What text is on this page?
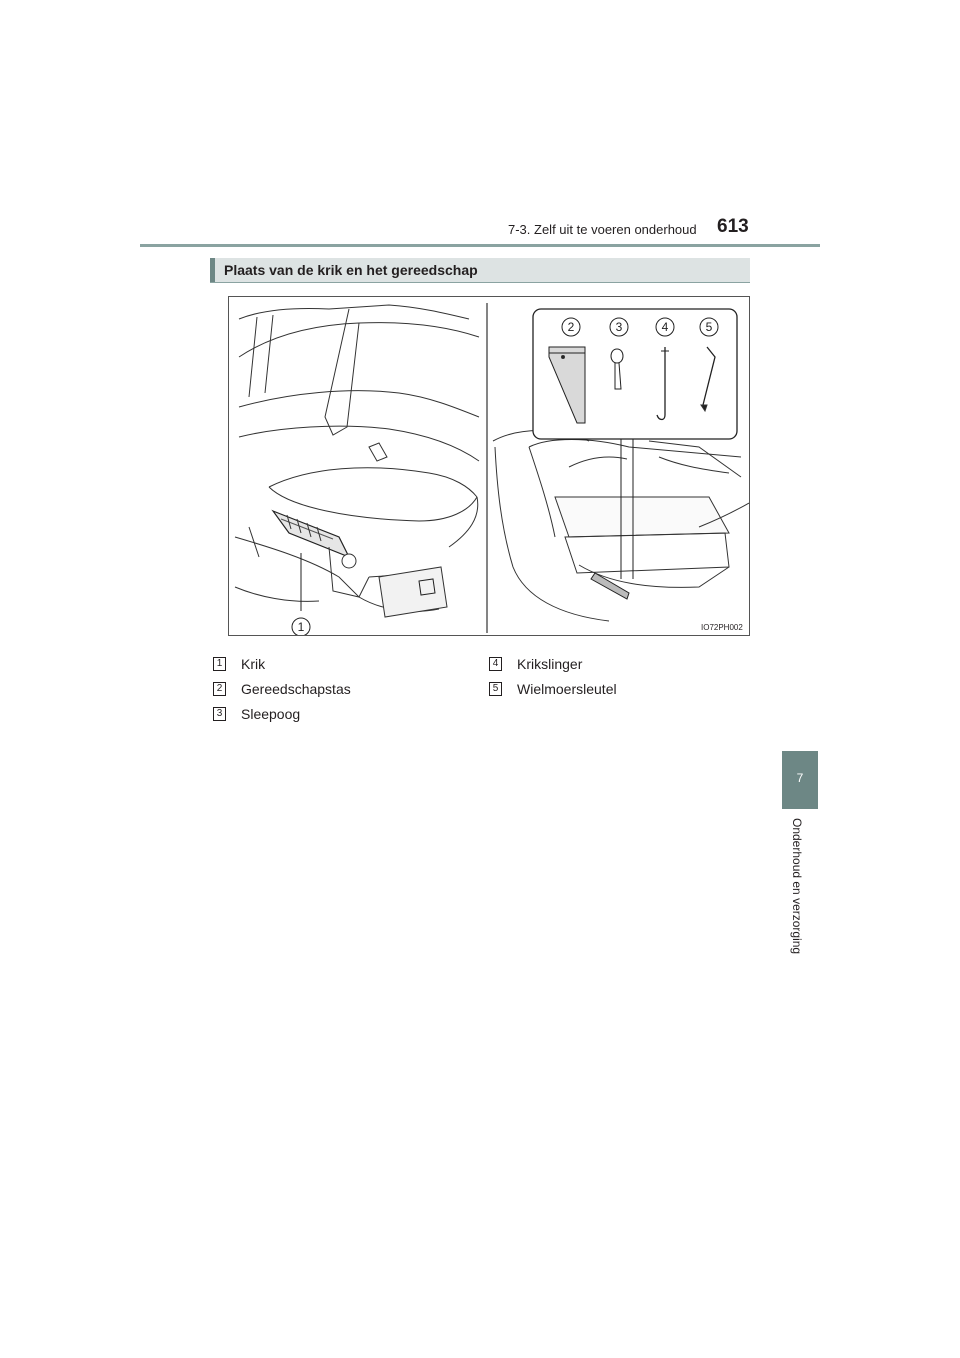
7-3. Zelf uit te voeren onderhoud 613
7
Onderhoud en verzorging
Plaats van de krik en het gereedschap
1
2	3	4	5
IO72PH002
1 Krik
2 Gereedschapstas
3 Sleepoog
4 Krikslinger
5 Wielmoersleutel
